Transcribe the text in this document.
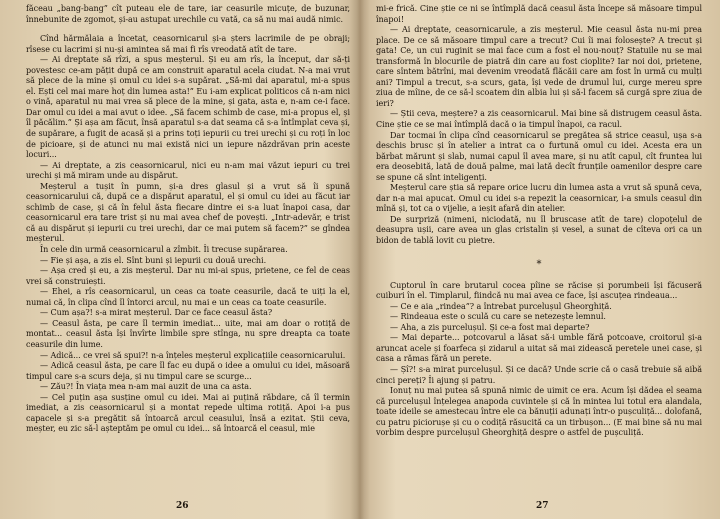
făceau „bang-bang” cît puteau ele de tare, iar ceasurile micuțe, de buzunar, înnebunite de zgomot, și-au astupat urechile cu vată, ca să nu mai audă nimic.

Cînd hărmălaia a încetat, ceasornicarul și-a șters lacrimile de pe obraji; rîsese cu lacrimi și nu-și amintea să mai fi rîs vreodată atît de tare.

— Ai dreptate să rîzi, a spus meșterul. Și eu am rîs, la început, dar să-ți povestesc ce-am pățit după ce am construit aparatul acela ciudat. N-a mai vrut să plece de la mine și omul cu idei s-a supărat. „Să-mi dai aparatul, mi-a spus el. Ești cel mai mare hoț din lumea asta!” Eu i-am explicat politicos că n-am nici o vină, aparatul nu mai vrea să plece de la mine, și gata, asta e, n-am ce-i face. Dar omul cu idei a mai avut o idee. „Să facem schimb de case, mi-a propus el, și îl păcălim.” Și așa am făcut, însă aparatul s-a dat seama că s-a întîmplat ceva și, de supărare, a fugit de acasă și a prins toți iepurii cu trei urechi și cu roți în loc de picioare, și de atunci nu mai există nici un iepure năzdrăvan prin aceste locuri...

— Ai dreptate, a zis ceasornicarul, nici eu n-am mai văzut iepuri cu trei urechi și mă miram unde au dispărut.

Meșterul a tușit în pumn, și-a dres glasul și a vrut să îi spună ceasornicarului că, după ce a dispărut aparatul, el și omul cu idei au făcut iar schimb de case, și că în felul ăsta fiecare dintre ei s-a luat înapoi casa, dar ceasornicarul era tare trist și nu mai avea chef de povești. „Intr-adevăr, e trist că au dispărut și iepurii cu trei urechi, dar ce mai putem să facem?” se gîndea meșterul.

În cele din urmă ceasornicarul a zîmbit. Îi trecuse supărarea.

— Fie și așa, a zis el. Sînt buni și iepurii cu două urechi.

— Așa cred și eu, a zis meșterul. Dar nu mi-ai spus, prietene, ce fel de ceas vrei să construiești.

— Ehei, a rîs ceasornicarul, un ceas ca toate ceasurile, dacă te uiți la el, numai că, în clipa cînd îl întorci arcul, nu mai e un ceas ca toate ceasurile.

— Cum așa?! s-a mirat meșterul. Dar ce face ceasul ăsta?

— Ceasul ăsta, pe care îl termin imediat... uite, mai am doar o rotiță de montat... ceasul ăsta își învîrte limbile spre stînga, nu spre dreapta ca toate ceasurile din lume.

— Adică... ce vrei să spui?! n-a înțeles meșterul explicațiile ceasornicarului.

— Adică ceasul ăsta, pe care îl fac eu după o idee a omului cu idei, măsoară timpul care s-a scurs deja, și nu timpul care se scurge...

— Zău?! În viața mea n-am mai auzit de una ca asta.

— Cel puțin așa susține omul cu idei. Mai ai puțină răbdare, că îl termin imediat, a zis ceasornicarul și a montat repede ultima rotiță. Apoi i-a pus capacele și s-a pregătit să întoarcă arcul ceasului, însă a ezitat. Știi ceva, meșter, eu zic să-l așteptăm pe omul cu idei... să întoarcă el ceasul, mie

26

mi-e frică. Cine știe ce ni se întîmplă dacă ceasul ăsta începe să măsoare timpul înapoi!

— Ai dreptate, ceasornicarule, a zis meșterul. Mie ceasul ăsta nu-mi prea place. De ce să măsoare timpul care a trecut? Cui îi mai folosește? A trecut și gata! Ce, un cui ruginit se mai face cum a fost el nou-nouț? Statuile nu se mai transformă în blocurile de piatră din care au fost cioplite? Iar noi doi, prietene, care sîntem bătrîni, mai devenim vreodată flăcăii care am fost în urmă cu mulți ani? Timpul a trecut, s-a scurs, gata, își vede de drumul lui, curge mereu spre ziua de mîine, de ce să-l scoatem din albia lui și să-l facem să curgă spre ziua de ieri?

— Știi ceva, meștere? a zis ceasornicarul. Mai bine să distrugem ceasul ăsta. Cine știe ce se mai întîmplă dacă o ia timpul înapoi, ca racul.

Dar tocmai în clipa cînd ceasornicarul se pregătea să strice ceasul, ușa s-a deschis brusc și în atelier a intrat ca o furtună omul cu idei. Acesta era un bărbat mărunt și slab, numai capul îl avea mare, și nu atît capul, cît fruntea lui era deosebită, lată de două palme, mai lată decît frunțile oamenilor despre care se spune că sînt inteligenți.

Meșterul care știa să repare orice lucru din lumea asta a vrut să spună ceva, dar n-a mai apucat. Omul cu idei s-a repezit la ceasornicar, i-a smuls ceasul din mînă și, tot ca o vijelie, a ieșit afară din atelier.

De surpriză (nimeni, niciodată, nu îl bruscase atît de tare) clopoțelul de deasupra ușii, care avea un glas cristalin și vesel, a sunat de cîteva ori ca un bidon de tablă lovit cu pietre.

*

Cuptorul în care brutarul cocea pîine se răcise și porumbeii își făcuseră cuiburi în el. Timplarul, fiindcă nu mai avea ce face, își ascuțea rindeaua...

— Ce e aia „rindea”? a întrebat purcelușul Gheorghiță.

— Rindeaua este o sculă cu care se netezește lemnul.

— Aha, a zis purcelușul. Și ce-a fost mai departe?

— Mai departe... potcovarul a lăsat să-i umble fără potcoave, croitorul și-a aruncat acele și foarfeca și zidarul a uitat să mai zidească peretele unei case, și casa a rămas fără un perete.

— Șî?! s-a mirat purcelușul. Și ce dacă? Unde scrie că o casă trebuie să aibă cinci pereți? Îi ajung și patru.

Ionuț nu mai putea să spună nimic de uimit ce era. Acum își dădea el seama că purcelușul înțelegea anapoda cuvintele și că în mintea lui totul era alandala, toate ideile se amestecau între ele ca bănuții adunați într-o pușculiță... dolofană, cu patru piciorușe și cu o codiță răsucită ca un tirbușon... (E mai bine să nu mai vorbim despre purcelușul Gheorghiță despre o astfel de pușculiță.

27
